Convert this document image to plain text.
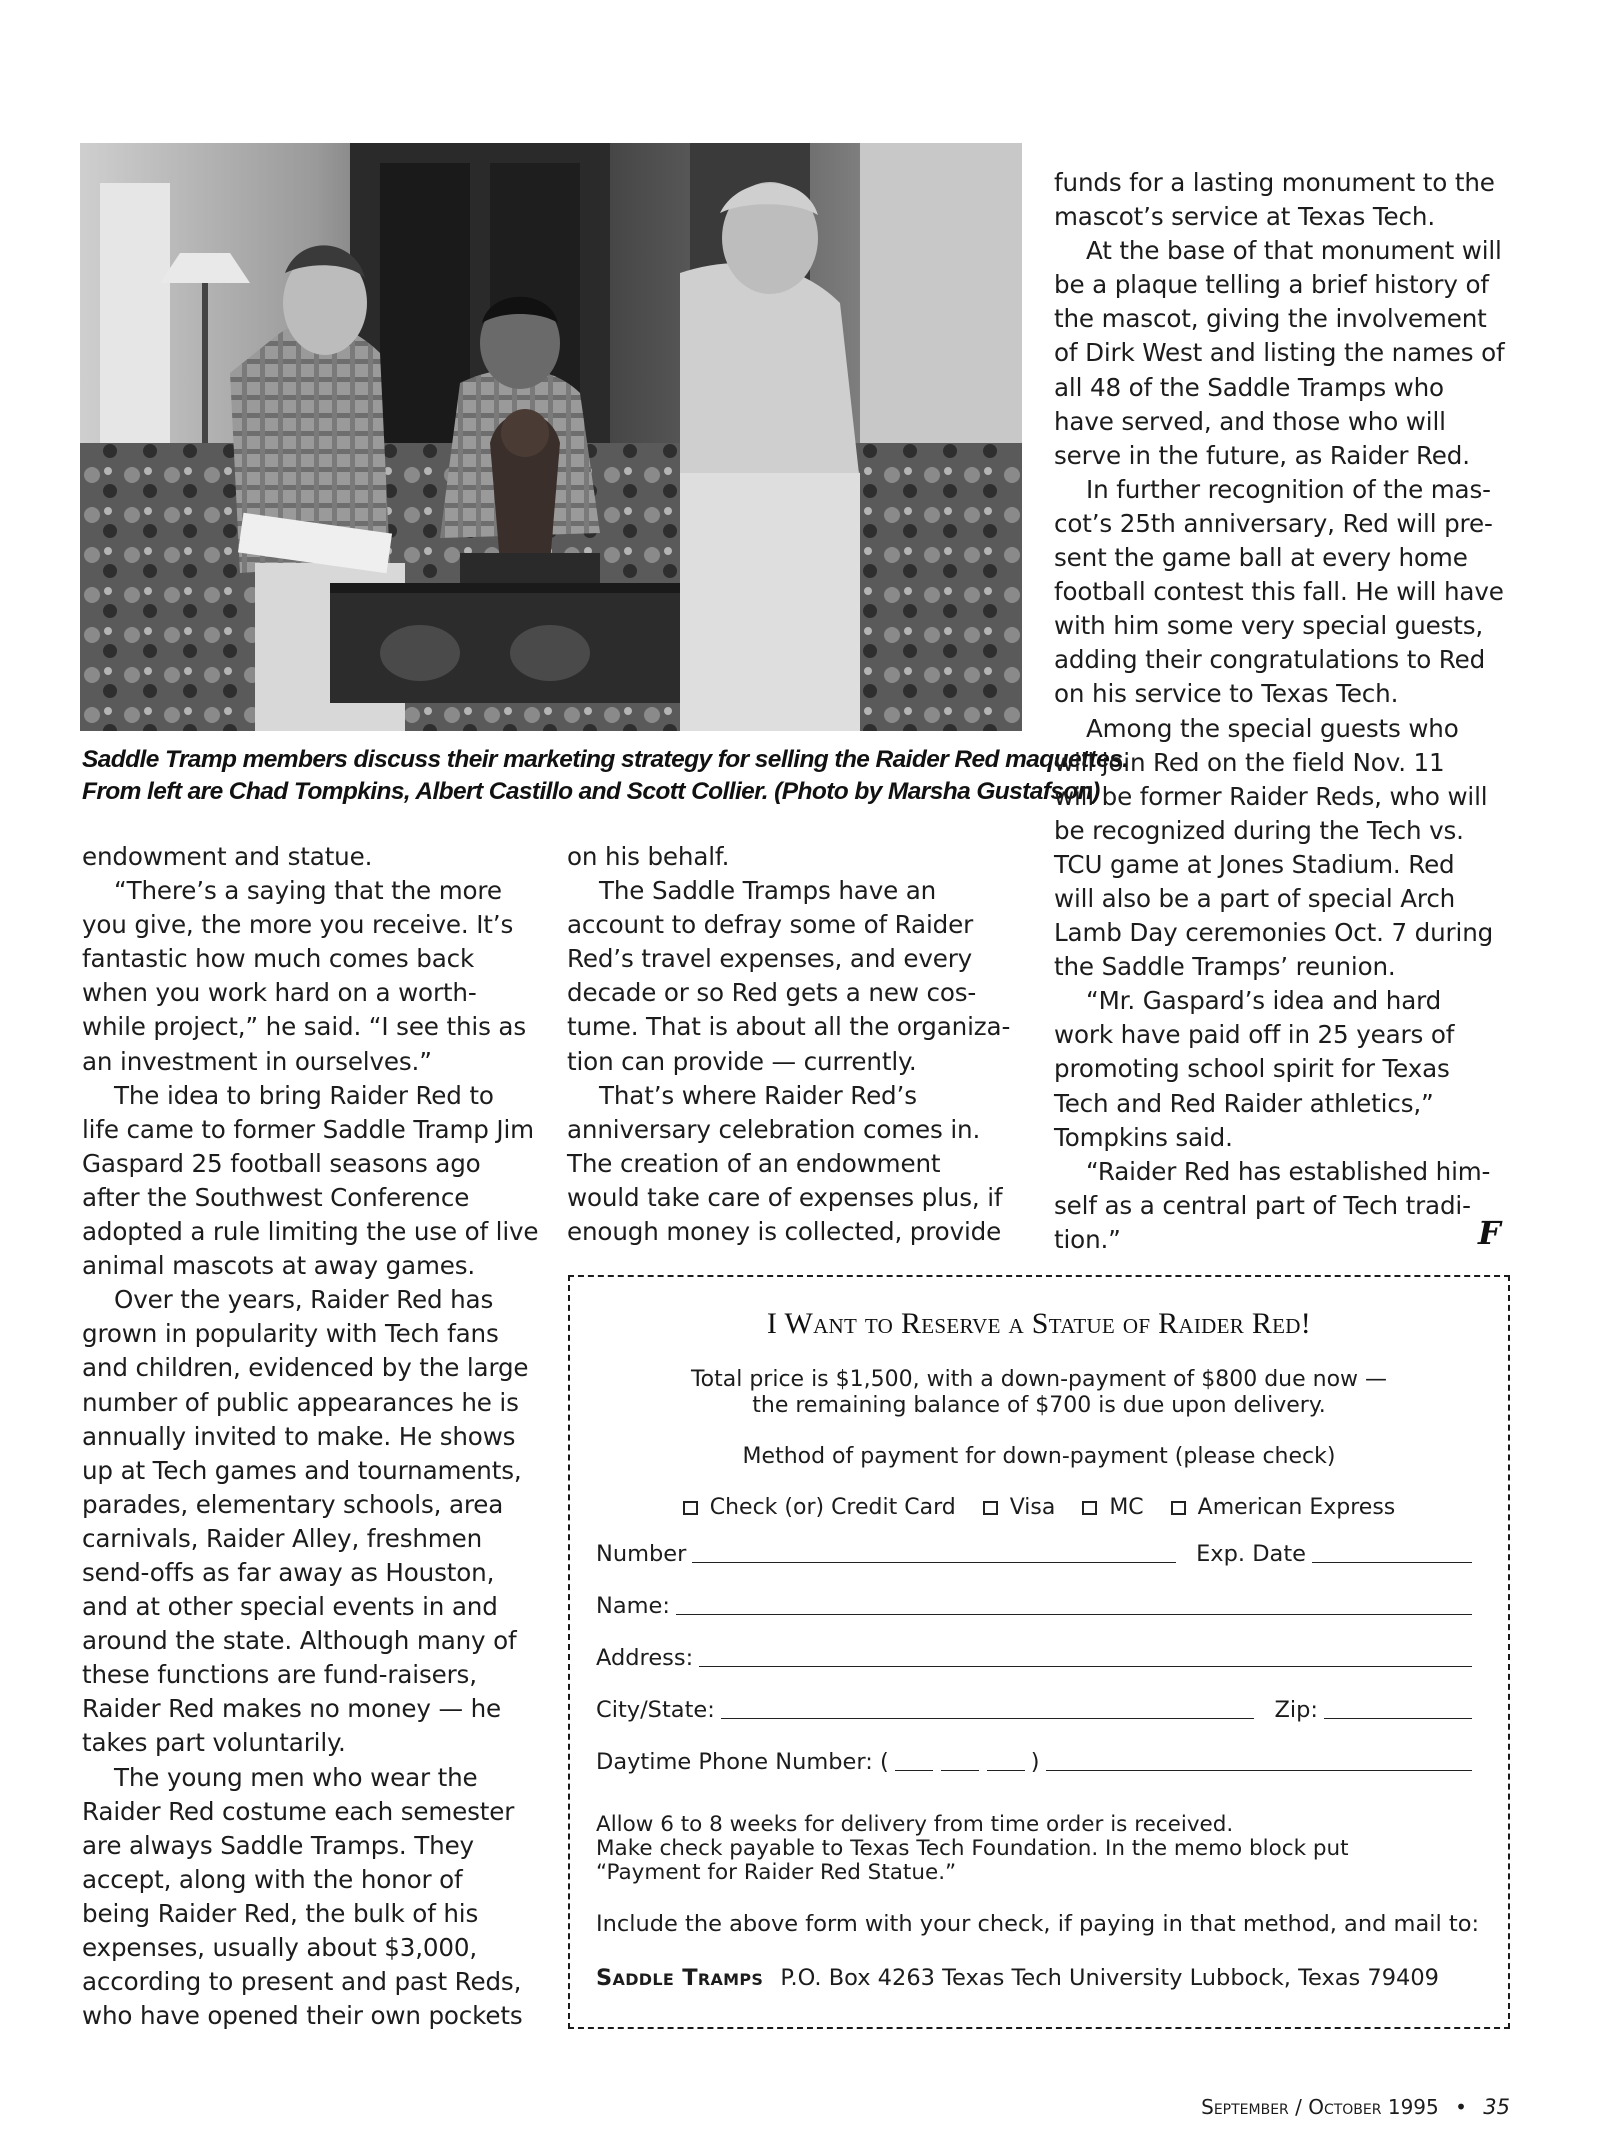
Saddle Tramp members discuss their marketing strategy for selling the Raider Red maquettes.
From left are Chad Tompkins, Albert Castillo and Scott Collier. (Photo by Marsha Gustafson)

endowment and statue.

“There’s a saying that the more

you give, the more you receive. It’s

fantastic how much comes back

when you work hard on a worth-

while project,” he said. “I see this as

an investment in ourselves.”

The idea to bring Raider Red to

life came to former Saddle Tramp Jim

Gaspard 25 football seasons ago

after the Southwest Conference

adopted a rule limiting the use of live

animal mascots at away games.

Over the years, Raider Red has

grown in popularity with Tech fans

and children, evidenced by the large

number of public appearances he is

annually invited to make. He shows

up at Tech games and tournaments,

parades, elementary schools, area

carnivals, Raider Alley, freshmen

send-offs as far away as Houston,

and at other special events in and

around the state. Although many of

these functions are fund-raisers,

Raider Red makes no money — he

takes part voluntarily.

The young men who wear the

Raider Red costume each semester

are always Saddle Tramps. They

accept, along with the honor of

being Raider Red, the bulk of his

expenses, usually about $3,000,

according to present and past Reds,

who have opened their own pockets

on his behalf.

The Saddle Tramps have an

account to defray some of Raider

Red’s travel expenses, and every

decade or so Red gets a new cos-

tume. That is about all the organiza-

tion can provide — currently.

That’s where Raider Red’s

anniversary celebration comes in.

The creation of an endowment

would take care of expenses plus, if

enough money is collected, provide

funds for a lasting monument to the

mascot’s service at Texas Tech.

At the base of that monument will

be a plaque telling a brief history of

the mascot, giving the involvement

of Dirk West and listing the names of

all 48 of the Saddle Tramps who

have served, and those who will

serve in the future, as Raider Red.

In further recognition of the mas-

cot’s 25th anniversary, Red will pre-

sent the game ball at every home

football contest this fall. He will have

with him some very special guests,

adding their congratulations to Red

on his service to Texas Tech.

Among the special guests who

will join Red on the field Nov. 11

will be former Raider Reds, who will

be recognized during the Tech vs.

TCU game at Jones Stadium. Red

will also be a part of special Arch

Lamb Day ceremonies Oct. 7 during

the Saddle Tramps’ reunion.

“Mr. Gaspard’s idea and hard

work have paid off in 25 years of

promoting school spirit for Texas

Tech and Red Raider athletics,”

Tompkins said.

“Raider Red has established him-

self as a central part of Tech tradi-

tion.”	F
I Want to Reserve a Statue of Raider Red!
Total price is $1,500, with a down-payment of $800 due now —
the remaining balance of $700 is due upon delivery.
Method of payment for down-payment (please check)
Check (or) Credit Card Visa MC American Express
Number	Exp. Date
Name:
Address:
City/State:	Zip:
Daytime Phone Number: (	)
Allow 6 to 8 weeks for delivery from time order is received.
Make check payable to Texas Tech Foundation. In the memo block put
“Payment for Raider Red Statue.”
Include the above form with your check, if paying in that method, and mail to:
Saddle Tramps P.O. Box 4263 Texas Tech University Lubbock, Texas 79409
September / October 1995 • 35
